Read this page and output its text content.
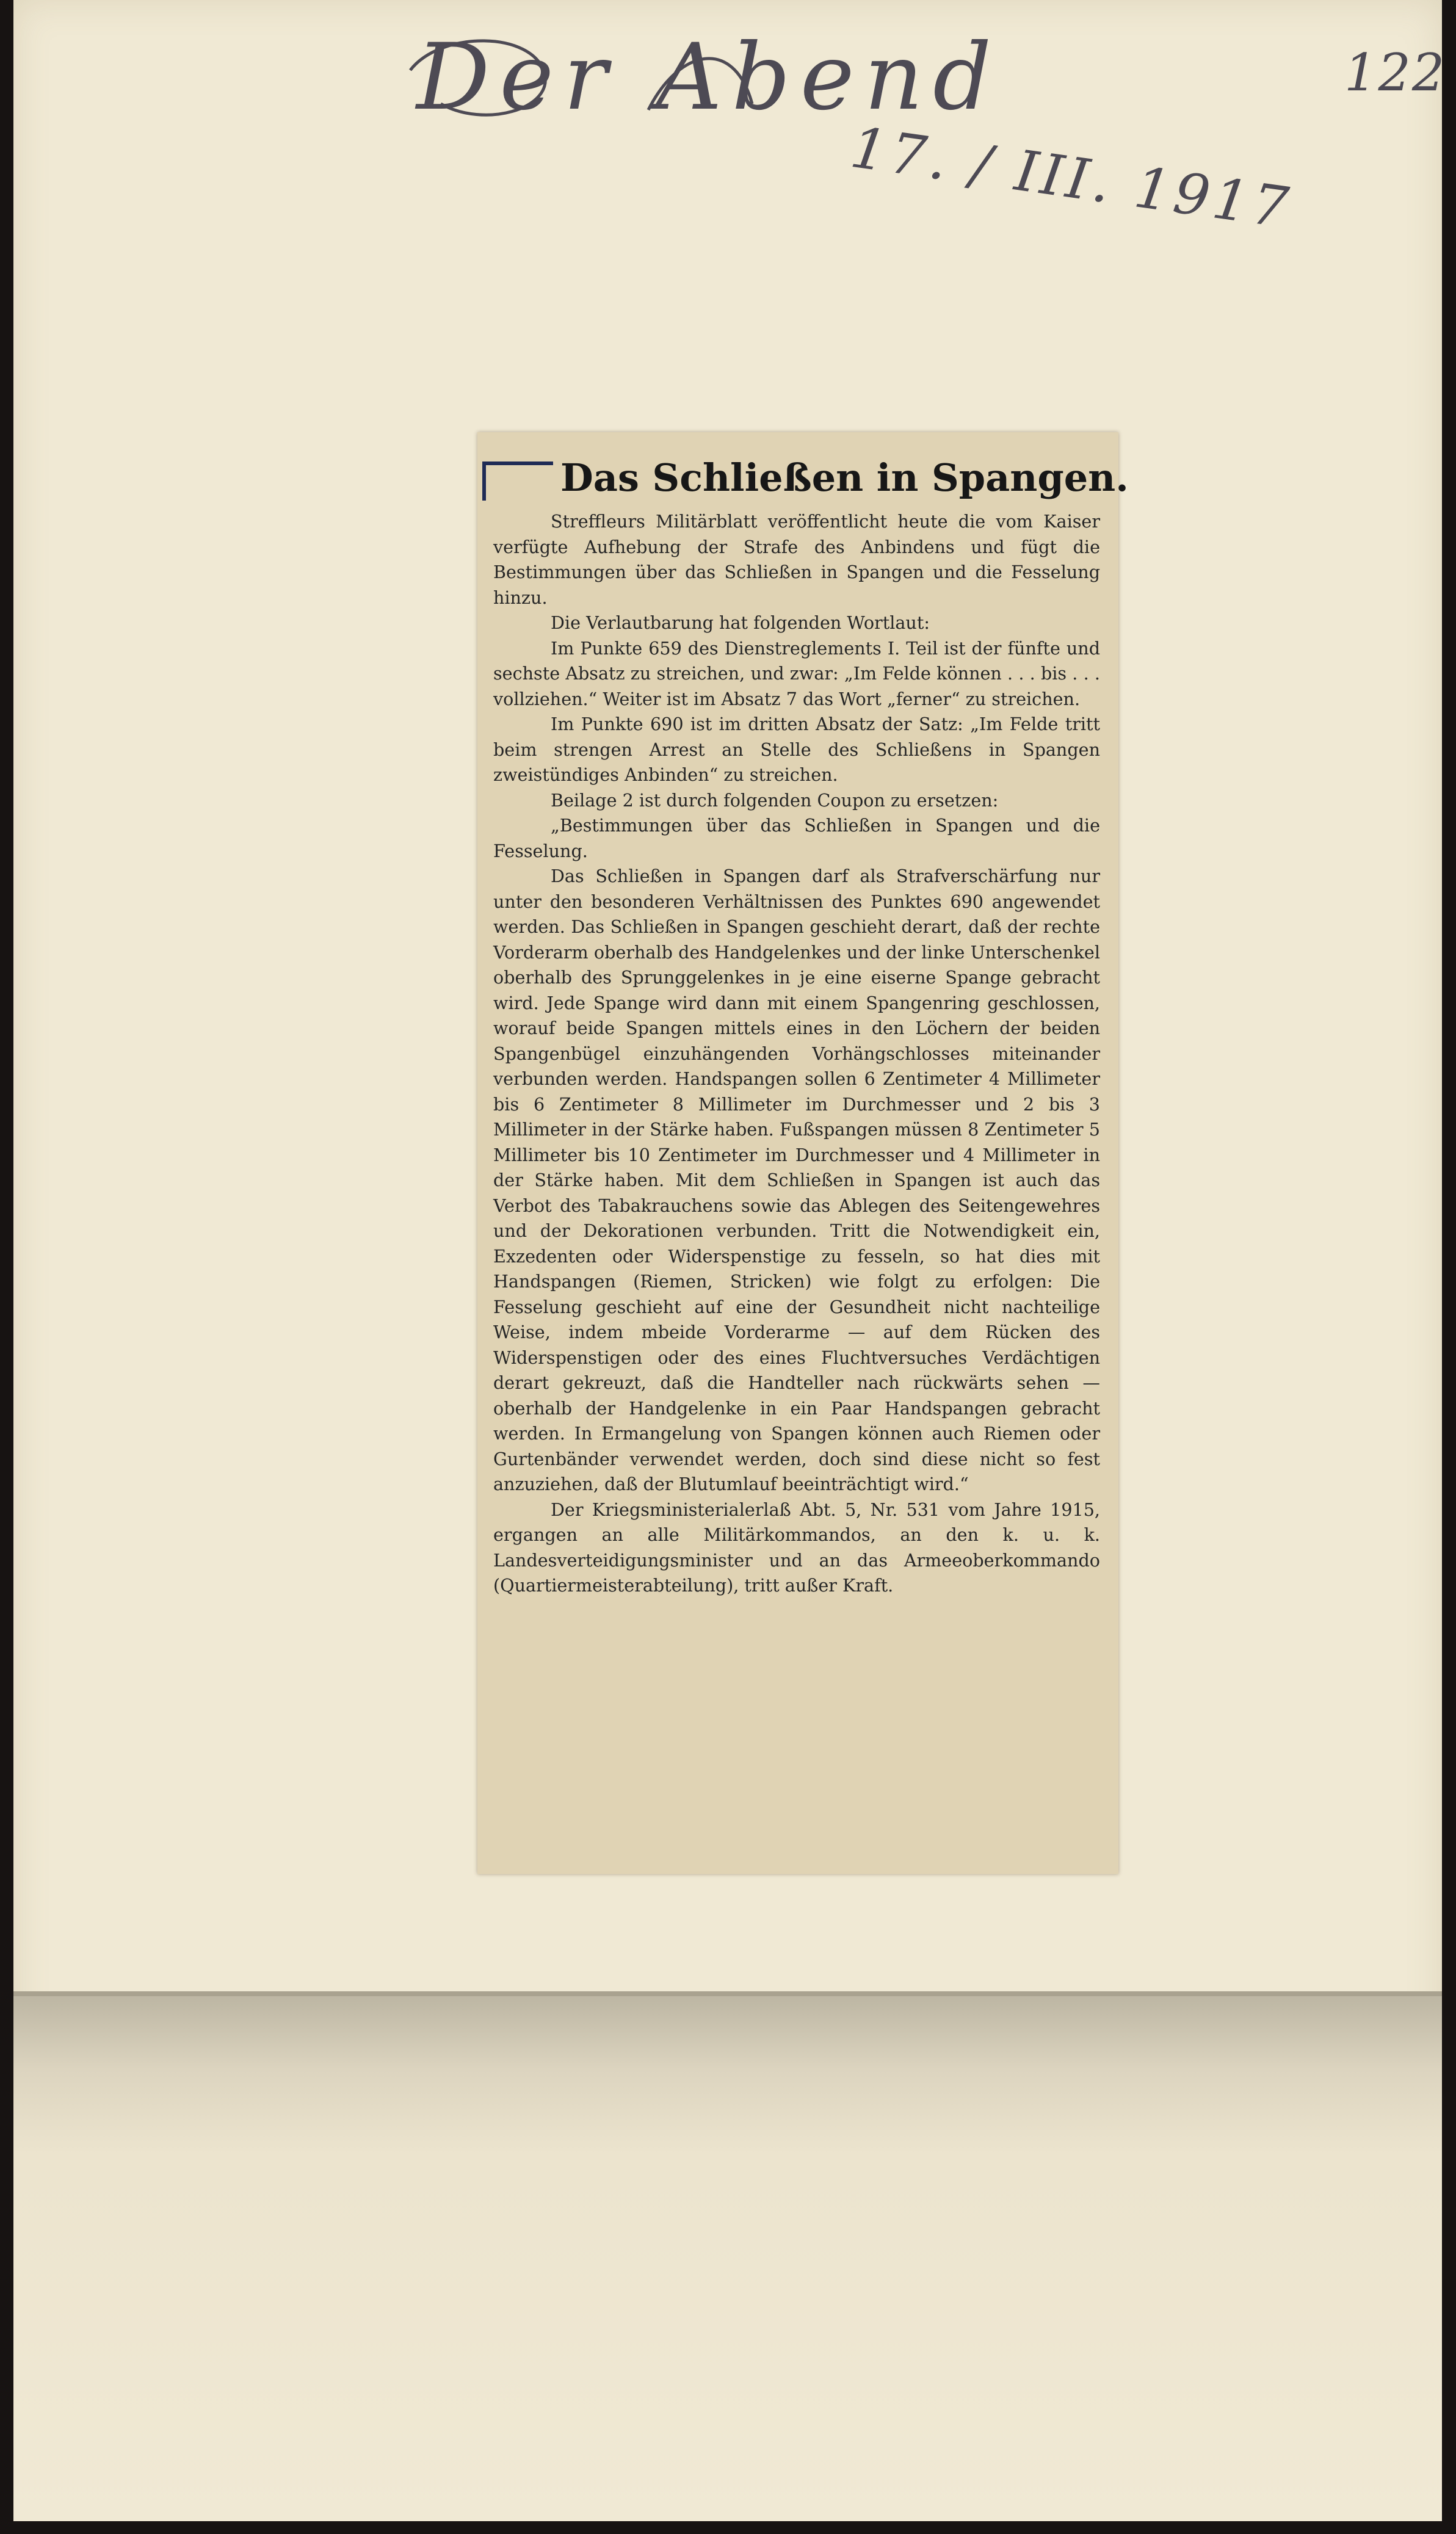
Der Abend
17. / III. 1917
122
Das Schließen in Spangen.

Streffleurs Militärblatt veröffentlicht heute die vom Kaiser verfügte Aufhebung der Strafe des Anbindens und fügt die Bestimmungen über das Schließen in Spangen und die Fesselung hinzu.

Die Verlautbarung hat folgenden Wortlaut:

Im Punkte 659 des Dienstreglements I. Teil ist der fünfte und sechste Absatz zu streichen, und zwar: „Im Felde können . . . bis . . . vollziehen.“ Weiter ist im Absatz 7 das Wort „ferner“ zu streichen.

Im Punkte 690 ist im dritten Absatz der Satz: „Im Felde tritt beim strengen Arrest an Stelle des Schließens in Spangen zweistündiges Anbinden“ zu streichen.

Beilage 2 ist durch folgenden Coupon zu ersetzen:

„Bestimmungen über das Schließen in Spangen und die Fesselung.

Das Schließen in Spangen darf als Strafverschärfung nur unter den besonderen Verhältnissen des Punktes 690 angewendet werden. Das Schließen in Spangen geschieht derart, daß der rechte Vorderarm oberhalb des Handgelenkes und der linke Unterschenkel oberhalb des Sprunggelenkes in je eine eiserne Spange gebracht wird. Jede Spange wird dann mit einem Spangenring geschlossen, worauf beide Spangen mittels eines in den Löchern der beiden Spangenbügel einzuhängenden Vorhängschlosses miteinander verbunden werden. Handspangen sollen 6 Zentimeter 4 Millimeter bis 6 Zentimeter 8 Millimeter im Durchmesser und 2 bis 3 Millimeter in der Stärke haben. Fußspangen müssen 8 Zentimeter 5 Millimeter bis 10 Zentimeter im Durchmesser und 4 Millimeter in der Stärke haben. Mit dem Schließen in Spangen ist auch das Verbot des Tabakrauchens sowie das Ablegen des Seitengewehres und der Dekorationen verbunden. Tritt die Notwendigkeit ein, Exzedenten oder Widerspenstige zu fesseln, so hat dies mit Handspangen (Riemen, Stricken) wie folgt zu erfolgen: Die Fesselung geschieht auf eine der Gesundheit nicht nachteilige Weise, indem mbeide Vorderarme — auf dem Rücken des Widerspenstigen oder des eines Fluchtversuches Verdächtigen derart gekreuzt, daß die Handteller nach rückwärts sehen — oberhalb der Handgelenke in ein Paar Handspangen gebracht werden. In Ermangelung von Spangen können auch Riemen oder Gurtenbänder verwendet werden, doch sind diese nicht so fest anzuziehen, daß der Blutumlauf beeinträchtigt wird.“

Der Kriegsministerialerlaß Abt. 5, Nr. 531 vom Jahre 1915, ergangen an alle Militärkommandos, an den k. u. k. Landesverteidigungsminister und an das Armeeoberkommando (Quartiermeisterabteilung), tritt außer Kraft.
